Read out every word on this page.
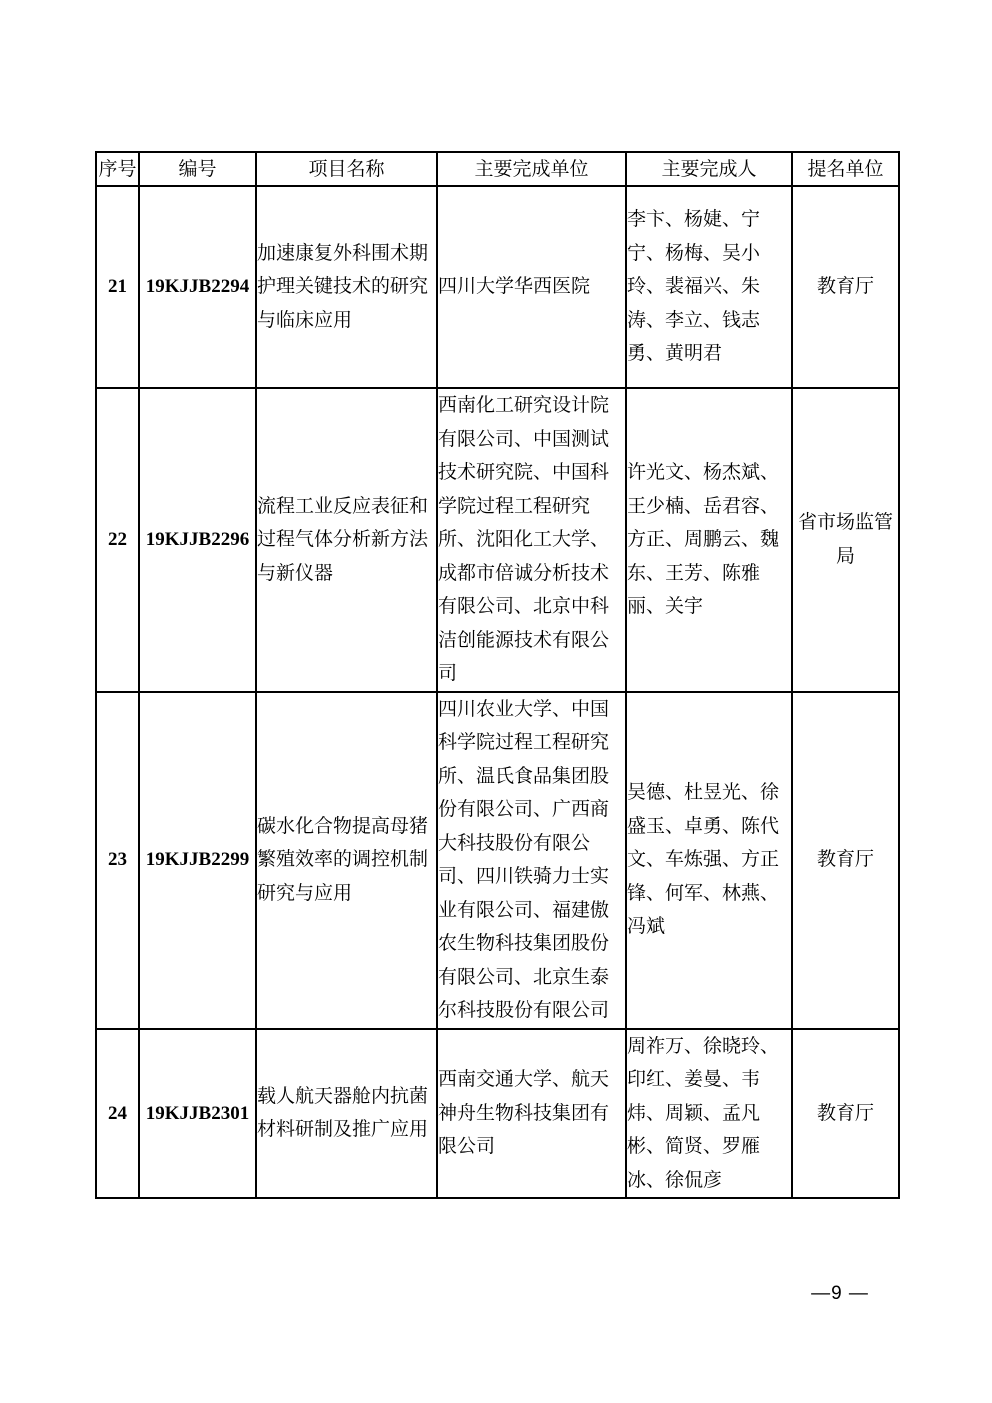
序号	编号	项目名称	主要完成单位	主要完成人	提名单位
21	19KJJB2294	加速康复外科围术期护理关键技术的研究与临床应用	四川大学华西医院	李卞、杨婕、宁宁、杨梅、吴小玲、裴福兴、朱涛、李立、钱志勇、黄明君	教育厅
22	19KJJB2296	流程工业反应表征和过程气体分析新方法与新仪器	西南化工研究设计院有限公司、中国测试技术研究院、中国科学院过程工程研究所、沈阳化工大学、成都市倍诚分析技术有限公司、北京中科洁创能源技术有限公司	许光文、杨杰斌、王少楠、岳君容、方正、周鹏云、魏东、王芳、陈雅丽、关宇	省市场监管局
23	19KJJB2299	碳水化合物提高母猪繁殖效率的调控机制研究与应用	四川农业大学、中国科学院过程工程研究所、温氏食品集团股份有限公司、广西商大科技股份有限公司、四川铁骑力士实业有限公司、福建傲农生物科技集团股份有限公司、北京生泰尔科技股份有限公司	吴德、杜昱光、徐盛玉、卓勇、陈代文、车炼强、方正锋、何军、林燕、冯斌	教育厅
24	19KJJB2301	载人航天器舱内抗菌材料研制及推广应用	西南交通大学、航天神舟生物科技集团有限公司	周祚万、徐晓玲、印红、姜曼、韦炜、周颖、孟凡彬、简贤、罗雁冰、徐侃彦	教育厅
—9 —
